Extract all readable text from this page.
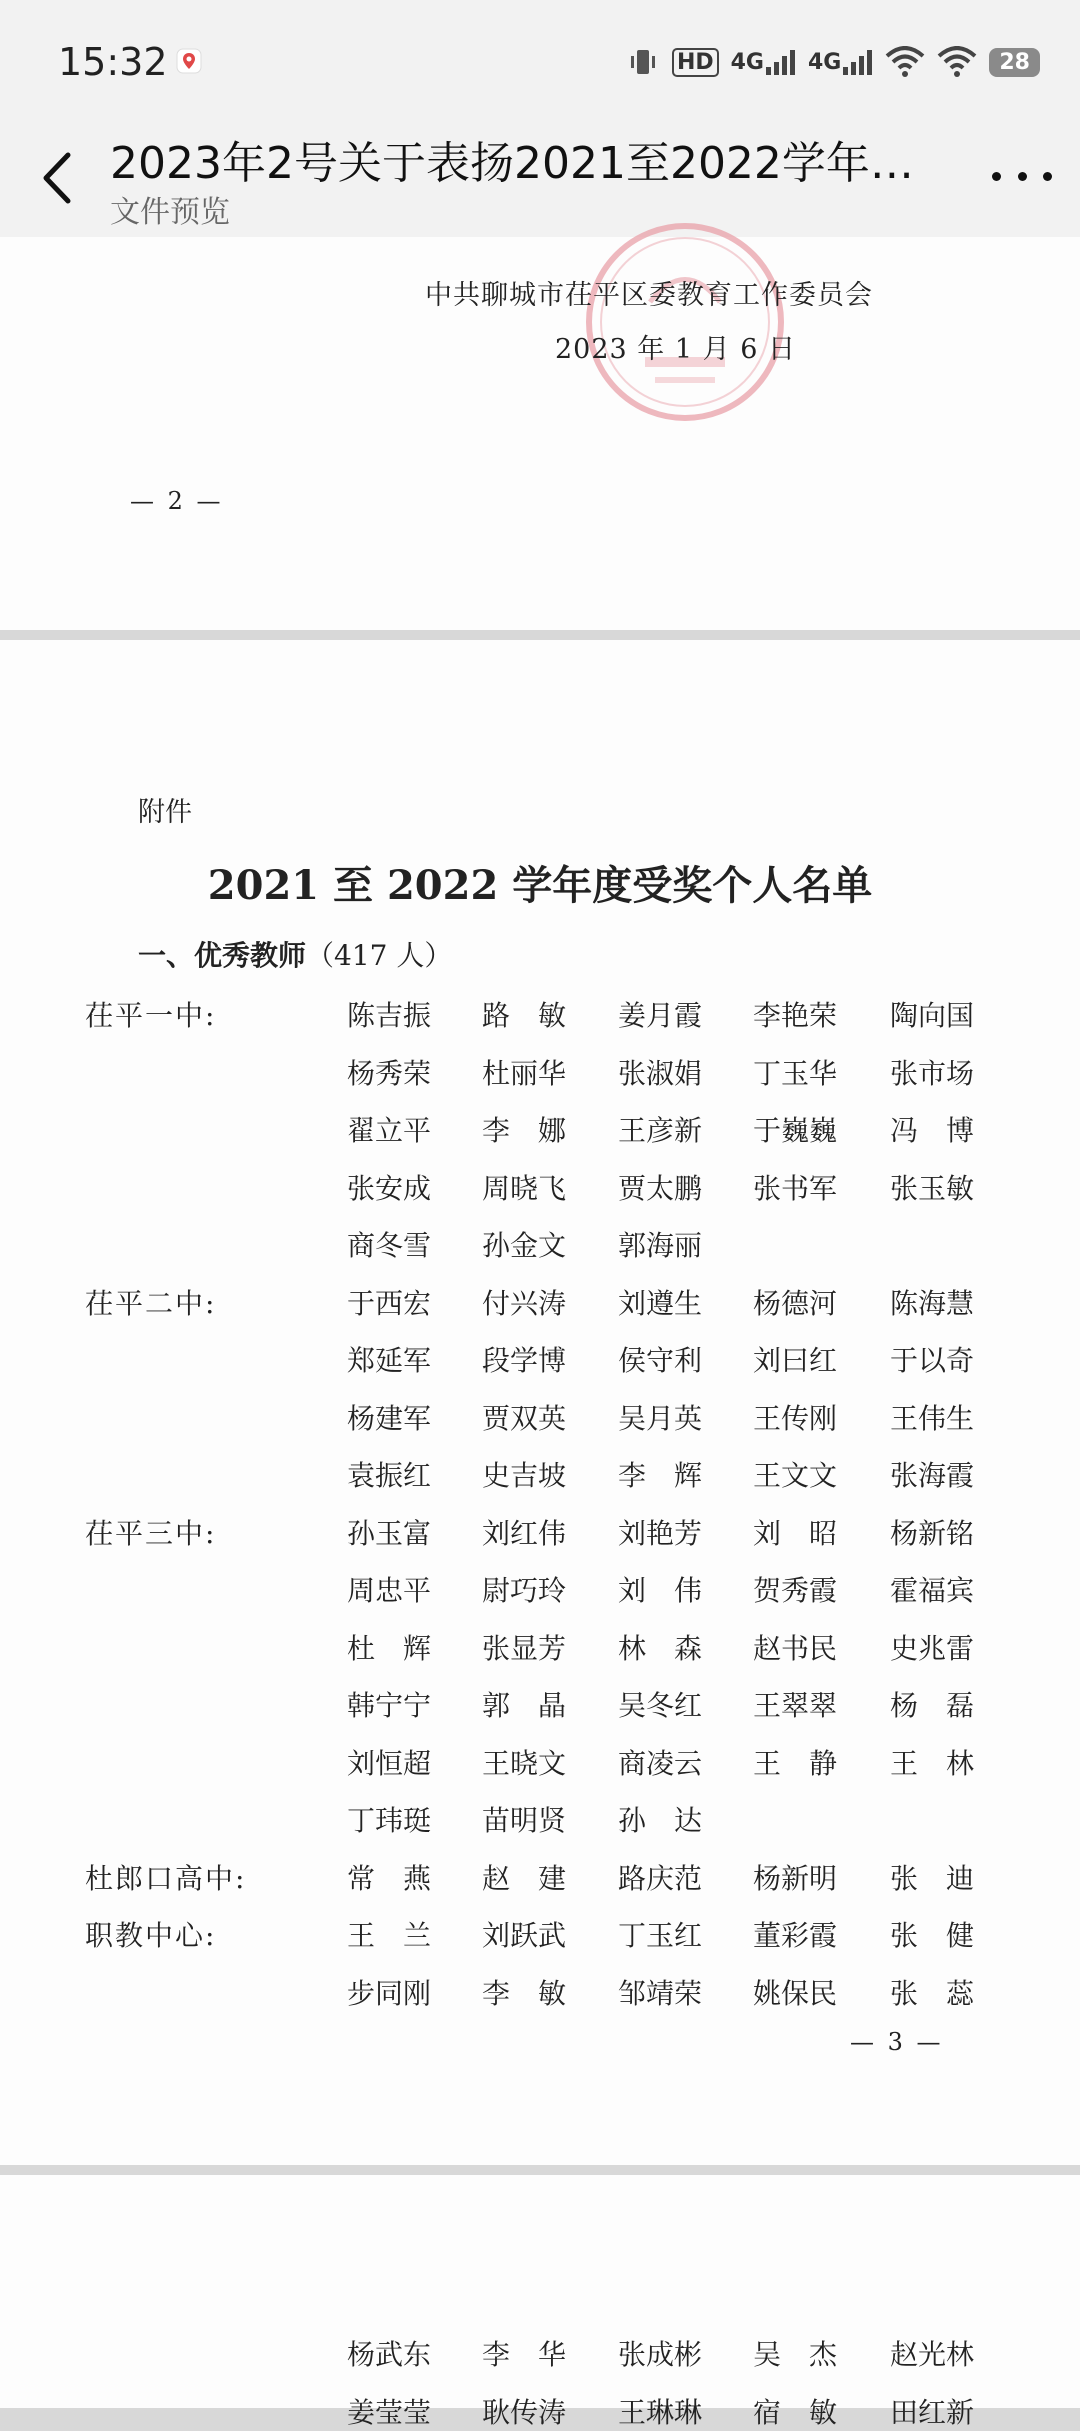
15:32	HD 4G 4G	28
2023年2号关于表扬2021至2022学年…
文件预览
中共聊城市茌平区委教育工作委员会
2023 年 1 月 6 日
— 2 —
附件
2021 至 2022 学年度受奖个人名单
一、优秀教师（417 人）
茌平一中:	陈吉振 路　敏 姜月霞 李艳荣 陶向国
杨秀荣 杜丽华 张淑娟 丁玉华 张市场
翟立平 李　娜 王彦新 于巍巍 冯　博
张安成 周晓飞 贾太鹏 张书军 张玉敏
商冬雪 孙金文 郭海丽
茌平二中:	于西宏 付兴涛 刘遵生 杨德河 陈海慧
郑延军 段学博 侯守利 刘曰红 于以奇
杨建军 贾双英 吴月英 王传刚 王伟生
袁振红 史吉坡 李　辉 王文文 张海霞
茌平三中:	孙玉富 刘红伟 刘艳芳 刘　昭 杨新铭
周忠平 尉巧玲 刘　伟 贺秀霞 霍福宾
杜　辉 张显芳 林　森 赵书民 史兆雷
韩宁宁 郭　晶 吴冬红 王翠翠 杨　磊
刘恒超 王晓文 商凌云 王　静 王　林
丁玮珽 苗明贤 孙　达
杜郎口高中:	常　燕 赵　建 路庆范 杨新明 张　迪
职教中心:	王　兰 刘跃武 丁玉红 董彩霞 张　健
步同刚 李　敏 邹靖荣 姚保民 张　蕊
— 3 —
杨武东 李　华 张成彬 吴　杰 赵光林
姜莹莹 耿传涛 王琳琳 宿　敏 田红新
